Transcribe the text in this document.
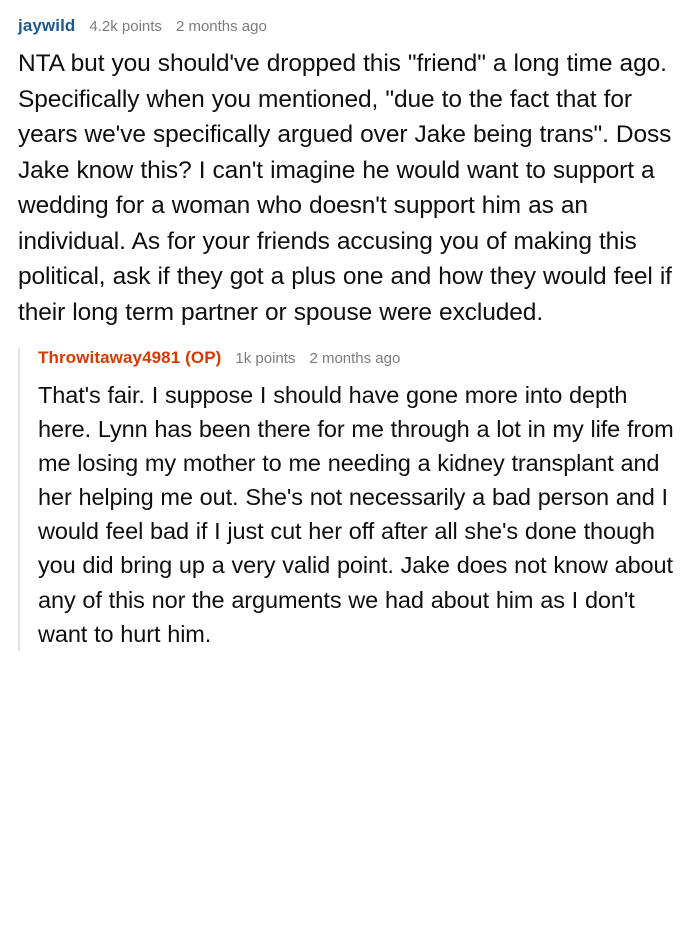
jaywild 4.2k points 2 months ago
NTA but you should've dropped this "friend" a long time ago. Specifically when you mentioned, "due to the fact that for years we've specifically argued over Jake being trans". Doss Jake know this? I can't imagine he would want to support a wedding for a woman who doesn't support him as an individual. As for your friends accusing you of making this political, ask if they got a plus one and how they would feel if their long term partner or spouse were excluded.
Throwitaway4981 (OP) 1k points 2 months ago
That's fair. I suppose I should have gone more into depth here. Lynn has been there for me through a lot in my life from me losing my mother to me needing a kidney transplant and her helping me out. She's not necessarily a bad person and I would feel bad if I just cut her off after all she's done though you did bring up a very valid point. Jake does not know about any of this nor the arguments we had about him as I don't want to hurt him.
